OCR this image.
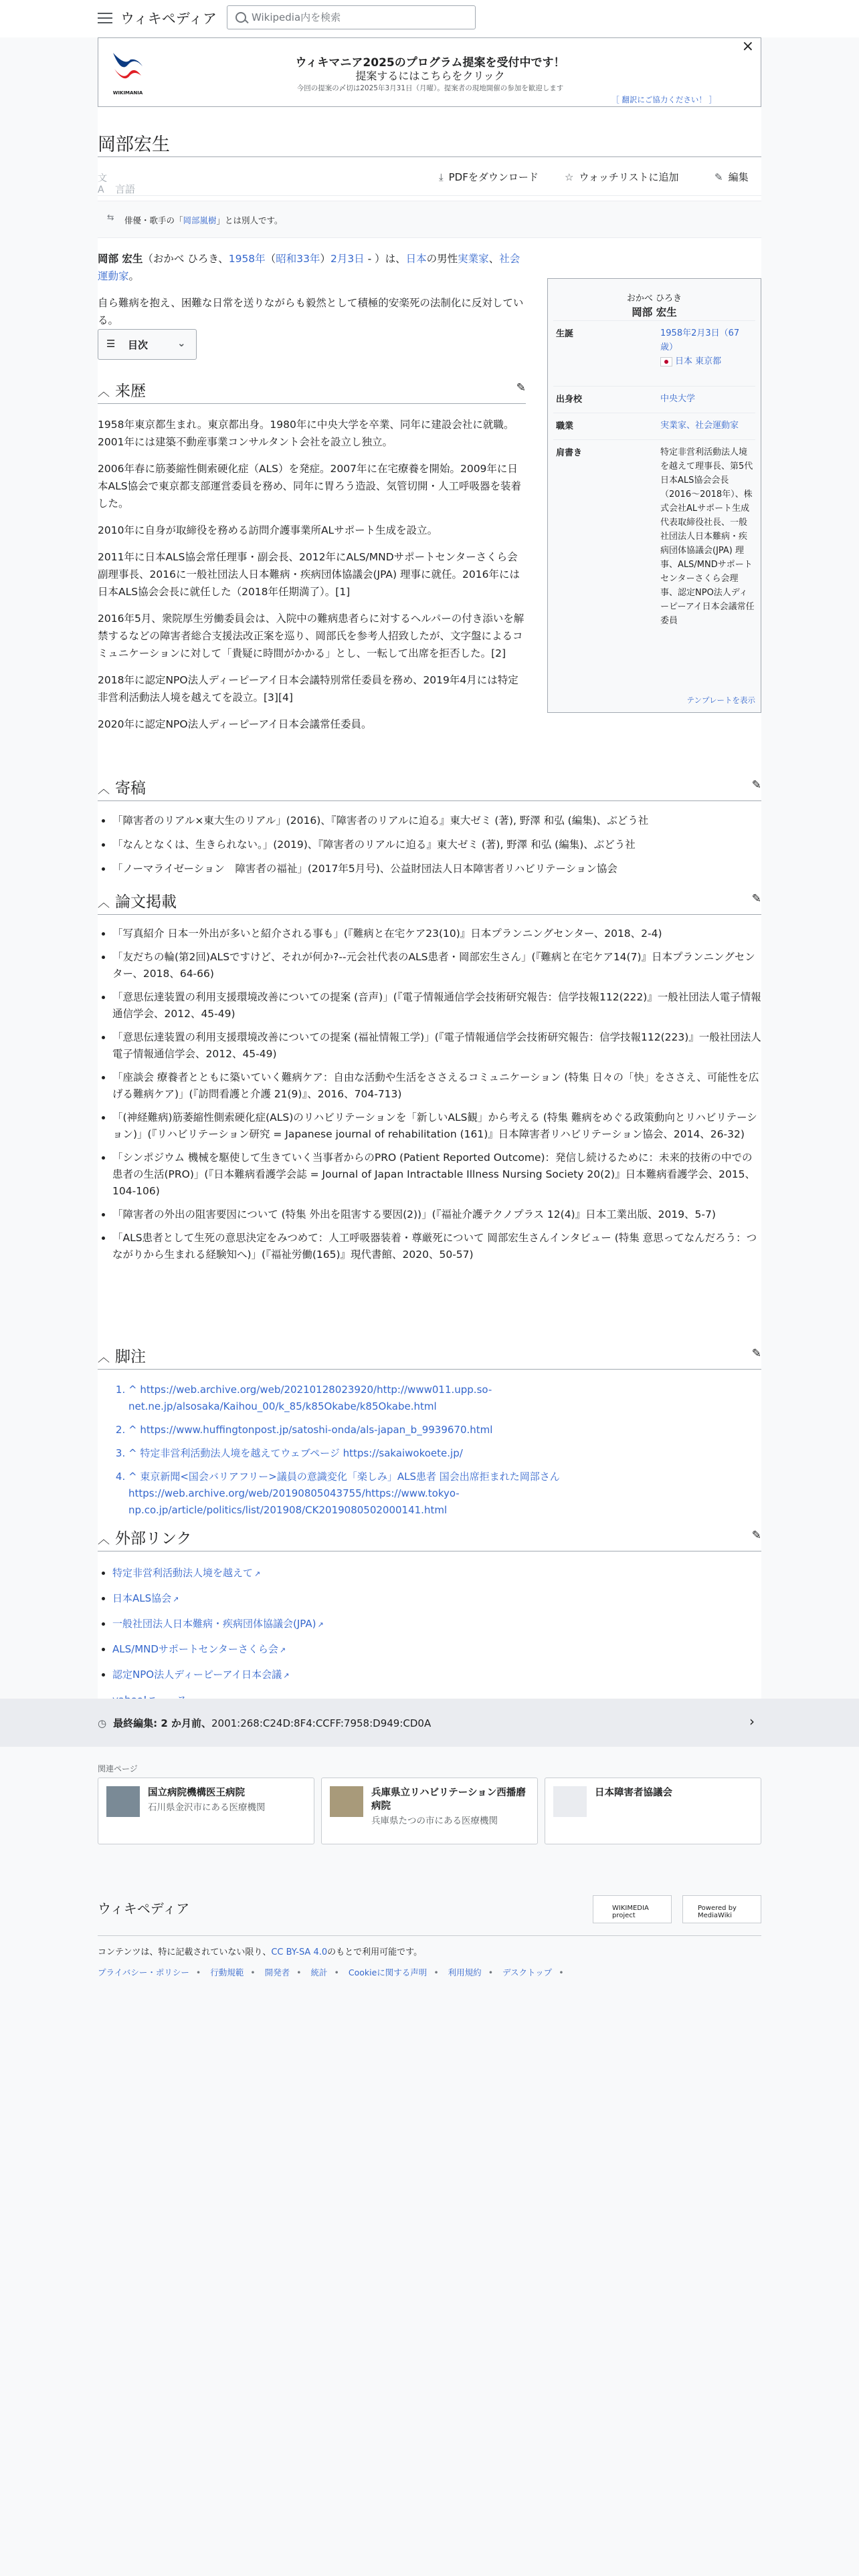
ウィキペディア
Wikipedia内を検索
WIKIMANIA
×
ウィキマニア2025のプログラム提案を受付中です！
提案するにはこちらをクリック
今回の提案の〆切は2025年3月31日（月曜）。提案者の現地開催の参加を歓迎します
［ 翻訳にご協力ください！ ］
岡部宏生
文A 言語
⤓ PDFをダウンロード	☆ ウォッチリストに追加	✎ 編集
⇆ 俳優・歌手の「岡部嵐樹」とは別人です。

岡部 宏生（おかべ ひろき、1958年（昭和33年）2月3日 - ）は、日本の男性実業家、社会運動家。

自ら難病を抱え、困難な日常を送りながらも毅然として積極的安楽死の法制化に反対している。

☰ 目次	⌄
おかべ ひろき
岡部 宏生
生誕	1958年2月3日（67歳）
日本 東京都
出身校	中央大学
職業	実業家、社会運動家
肩書き	特定非営利活動法人境を越えて理事長、第5代日本ALS協会会長（2016〜2018年）、株式会社ALサポート生成代表取締役社長、一般社団法人日本難病・疾病団体協議会(JPA) 理事、ALS/MNDサポートセンターさくら会理事、認定NPO法人ディーピーアイ日本会議常任委員
テンプレートを表示
︿ 来歴	✎

1958年東京都生まれ。東京都出身。1980年に中央大学を卒業、同年に建設会社に就職。2001年には建築不動産事業コンサルタント会社を設立し独立。

2006年春に筋萎縮性側索硬化症（ALS）を発症。2007年に在宅療養を開始。2009年に日本ALS協会で東京都支部運営委員を務め、同年に胃ろう造設、気管切開・人工呼吸器を装着した。

2010年に自身が取締役を務める訪問介護事業所ALサポート生成を設立。

2011年に日本ALS協会常任理事・副会長、2012年にALS/MNDサポートセンターさくら会副理事長、2016に一般社団法人日本難病・疾病団体協議会(JPA) 理事に就任。2016年には日本ALS協会会長に就任した（2018年任期満了）。[1]

2016年5月、衆院厚生労働委員会は、入院中の難病患者らに対するヘルパーの付き添いを解禁するなどの障害者総合支援法改正案を巡り、岡部氏を参考人招致したが、文字盤によるコミュニケーションに対して「貴疑に時間がかかる」とし、一転して出席を拒否した。[2]

2018年に認定NPO法人ディーピーアイ日本会議特別常任委員を務め、2019年4月には特定非営利活動法人境を越えてを設立。[3][4]

2020年に認定NPO法人ディーピーアイ日本会議常任委員。

︿ 寄稿	✎
• 「障害者のリアル×東大生のリアル」(2016)、『障害者のリアルに迫る』東大ゼミ (著), 野澤 和弘 (編集)、ぶどう社
• 「なんとなくは、生きられない。」(2019)、『障害者のリアルに迫る』東大ゼミ (著), 野澤 和弘 (編集)、ぶどう社
• 「ノーマライゼーション　障害者の福祉」(2017年5月号)、公益財団法人日本障害者リハビリテーション協会
︿ 論文掲載	✎
• 「写真紹介 日本一外出が多いと紹介される事も」(『難病と在宅ケア23(10)』日本プランニングセンター、2018、2-4)
• 「友だちの輪(第2回)ALSですけど、それが何か?--元会社代表のALS患者・岡部宏生さん」(『難病と在宅ケア14(7)』日本プランニングセンター、2018、64-66)
• 「意思伝達装置の利用支援環境改善についての提案 (音声)」(『電子情報通信学会技術研究報告：信学技報112(222)』一般社団法人電子情報通信学会、2012、45-49)
• 「意思伝達装置の利用支援環境改善についての提案 (福祉情報工学)」(『電子情報通信学会技術研究報告：信学技報112(223)』一般社団法人電子情報通信学会、2012、45-49)
• 「座談会 療養者とともに築いていく難病ケア：自由な活動や生活をささえるコミュニケーション (特集 日々の「快」をささえ、可能性を広げる難病ケア)」(『訪問看護と介護 21(9)』、2016、704-713)
• 「(神経難病)筋萎縮性側索硬化症(ALS)のリハビリテーションを「新しいALS観」から考える (特集 難病をめぐる政策動向とリハビリテーション)」(『リハビリテーション研究 = Japanese journal of rehabilitation (161)』日本障害者リハビリテーション協会、2014、26-32)
• 「シンポジウム 機械を駆使して生きていく当事者からのPRO (Patient Reported Outcome)：発信し続けるために：未来的技術の中での患者の生活(PRO)」(『日本難病看護学会誌 = Journal of Japan Intractable Illness Nursing Society 20(2)』日本難病看護学会、2015、104-106)
• 「障害者の外出の阻害要因について (特集 外出を阻害する要因(2))」(『福祉介護テクノプラス 12(4)』日本工業出版、2019、5-7)
• 「ALS患者として生死の意思決定をみつめて：人工呼吸器装着・尊厳死について 岡部宏生さんインタビュー (特集 意思ってなんだろう：つながりから生まれる経験知へ)」(『福祉労働(165)』現代書館、2020、50-57)
︿ 脚注	✎
1. ^ https://web.archive.org/web/20210128023920/http://www011.upp.so-net.ne.jp/alsosaka/Kaihou_00/k_85/k85Okabe/k85Okabe.html
2. ^ https://www.huffingtonpost.jp/satoshi-onda/als-japan_b_9939670.html
3. ^ 特定非営利活動法人境を越えてウェブページ https://sakaiwokoete.jp/
4. ^ 東京新聞<国会バリアフリー>議員の意識変化「楽しみ」ALS患者 国会出席拒まれた岡部さん https://web.archive.org/web/20190805043755/https://www.tokyo-np.co.jp/article/politics/list/201908/CK2019080502000141.html
︿ 外部リンク	✎
• 特定非営利活動法人境を越えて ↗
• 日本ALS協会 ↗
• 一般社団法人日本難病・疾病団体協議会(JPA) ↗
• ALS/MNDサポートセンターさくら会 ↗
• 認定NPO法人ディーピーアイ日本会議 ↗
•
◷ 最終編集: 2 か月前、2001:268:C24D:8F4:CCFF:7958:D949:CD0A	›
関連ページ
国立病院機構医王病院
石川県金沢市にある医療機関
兵庫県立リハビリテーション西播磨病院
兵庫県たつの市にある医療機関
日本障害者協議会
ウィキペディア	WIKIMEDIA project
Powered by MediaWiki
コンテンツは、特に記載されていない限り、CC BY-SA 4.0のもとで利用可能です。
プライバシー・ポリシー • 行動規範 • 開発者 • 統計 • Cookieに関する声明 • 利用規約 • デスクトップ •
